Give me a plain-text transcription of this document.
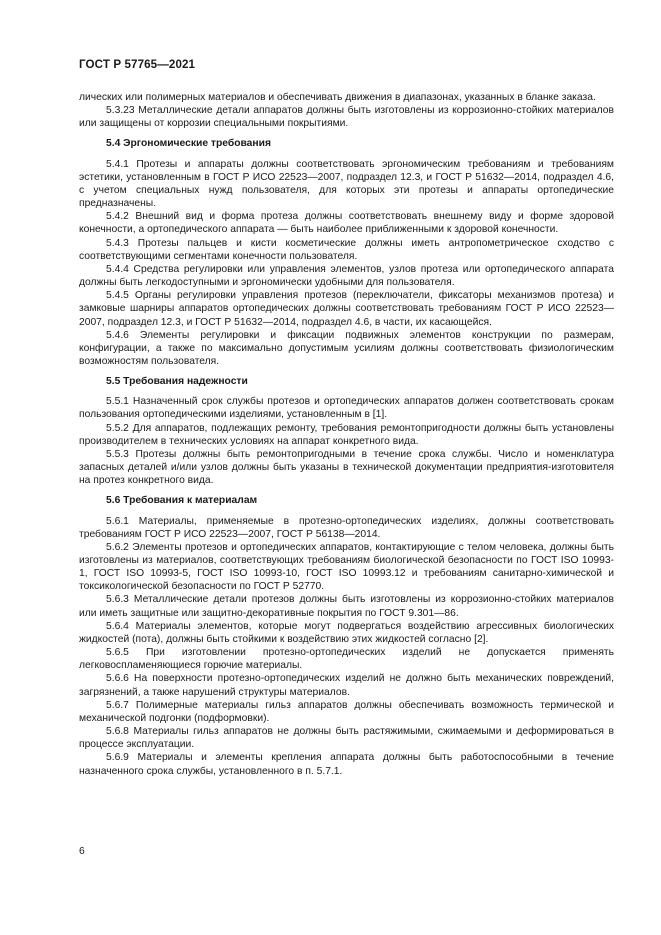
ГОСТ Р 57765—2021

лических или полимерных материалов и обеспечивать движения в диапазонах, указанных в бланке заказа.

5.3.23 Металлические детали аппаратов должны быть изготовлены из коррозионно-стойких материалов или защищены от коррозии специальными покрытиями.

5.4 Эргономические требования

5.4.1 Протезы и аппараты должны соответствовать эргономическим требованиям и требованиям эстетики, установленным в ГОСТ Р ИСО 22523—2007, подраздел 12.3, и ГОСТ Р 51632—2014, подраздел 4.6, с учетом специальных нужд пользователя, для которых эти протезы и аппараты ортопедические предназначены.

5.4.2 Внешний вид и форма протеза должны соответствовать внешнему виду и форме здоровой конечности, а ортопедического аппарата — быть наиболее приближенными к здоровой конечности.

5.4.3 Протезы пальцев и кисти косметические должны иметь антропометрическое сходство с соответствующими сегментами конечности пользователя.

5.4.4 Средства регулировки или управления элементов, узлов протеза или ортопедического аппарата должны быть легкодоступными и эргономически удобными для пользователя.

5.4.5 Органы регулировки управления протезов (переключатели, фиксаторы механизмов протеза) и замковые шарниры аппаратов ортопедических должны соответствовать требованиям ГОСТ Р ИСО 22523—2007, подраздел 12.3, и ГОСТ Р 51632—2014, подраздел 4.6, в части, их касающейся.

5.4.6 Элементы регулировки и фиксации подвижных элементов конструкции по размерам, конфигурации, а также по максимально допустимым усилиям должны соответствовать физиологическим возможностям пользователя.

5.5 Требования надежности

5.5.1 Назначенный срок службы протезов и ортопедических аппаратов должен соответствовать срокам пользования ортопедическими изделиями, установленным в [1].

5.5.2 Для аппаратов, подлежащих ремонту, требования ремонтопригодности должны быть установлены производителем в технических условиях на аппарат конкретного вида.

5.5.3 Протезы должны быть ремонтопригодными в течение срока службы. Число и номенклатура запасных деталей и/или узлов должны быть указаны в технической документации предприятия-изготовителя на протез конкретного вида.

5.6 Требования к материалам

5.6.1 Материалы, применяемые в протезно-ортопедических изделиях, должны соответствовать требованиям ГОСТ Р ИСО 22523—2007, ГОСТ Р 56138—2014.

5.6.2 Элементы протезов и ортопедических аппаратов, контактирующие с телом человека, должны быть изготовлены из материалов, соответствующих требованиям биологической безопасности по ГОСТ ISO 10993-1, ГОСТ ISO 10993-5, ГОСТ ISO 10993-10, ГОСТ ISO 10993.12 и требованиям санитарно-химической и токсикологической безопасности по ГОСТ Р 52770.

5.6.3 Металлические детали протезов должны быть изготовлены из коррозионно-стойких материалов или иметь защитные или защитно-декоративные покрытия по ГОСТ 9.301—86.

5.6.4 Материалы элементов, которые могут подвергаться воздействию агрессивных биологических жидкостей (пота), должны быть стойкими к воздействию этих жидкостей согласно [2].

5.6.5 При изготовлении протезно-ортопедических изделий не допускается применять легковоспламеняющиеся горючие материалы.

5.6.6 На поверхности протезно-ортопедических изделий не должно быть механических повреждений, загрязнений, а также нарушений структуры материалов.

5.6.7 Полимерные материалы гильз аппаратов должны обеспечивать возможность термической и механической подгонки (подформовки).

5.6.8 Материалы гильз аппаратов не должны быть растяжимыми, сжимаемыми и деформироваться в процессе эксплуатации.

5.6.9 Материалы и элементы крепления аппарата должны быть работоспособными в течение назначенного срока службы, установленного в п. 5.7.1.

6
